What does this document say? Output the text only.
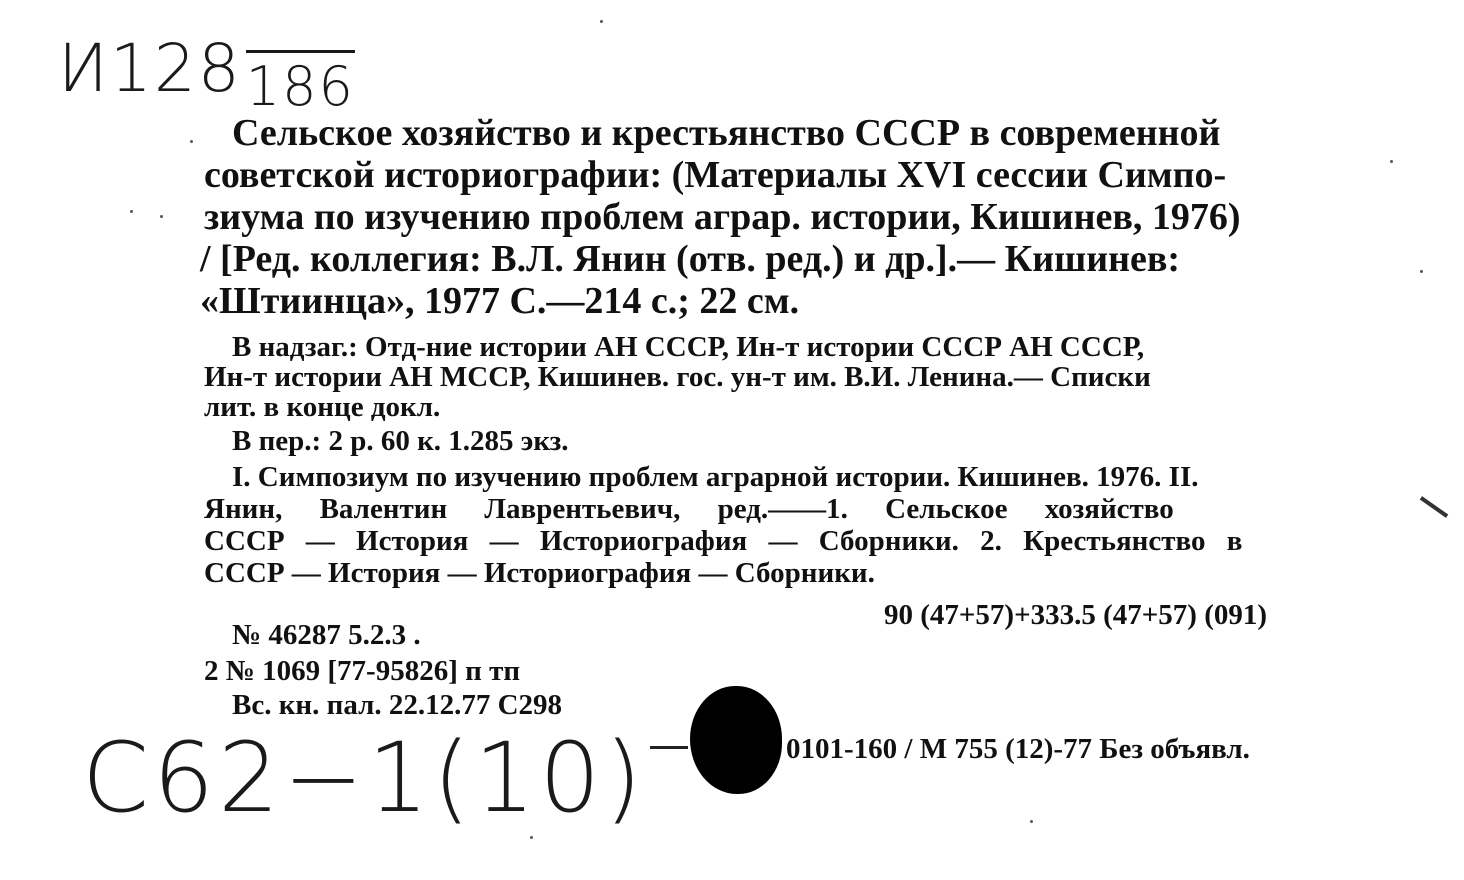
И128186
Сельское хозяйство и крестьянство СССР в современной
советской историографии: (Материалы XVI сессии Симпо-
зиума по изучению проблем аграр. истории, Кишинев, 1976)
/ [Ред. коллегия: В.Л. Янин (отв. ред.) и др.].— Кишинев:
«Штиинца», 1977 С.—214 с.; 22 см.
В надзаг.: Отд-ние истории АН СССР, Ин-т истории СССР АН СССР,
Ин-т истории АН МССР, Кишинев. гос. ун-т им. В.И. Ленина.— Списки
лит. в конце докл.
В пер.: 2 р. 60 к. 1.285 экз.
I. Симпозиум по изучению проблем аграрной истории. Кишинев. 1976. II.
Янин, Валентин Лаврентьевич, ред.——1. Сельское хозяйство
СССР — История — Историография — Сборники. 2. Крестьянство в
СССР — История — Историография — Сборники.
90 (47+57)+333.5 (47+57) (091)
№ 46287 5.2.3 .
2 № 1069 [77-95826] п тп
Вс. кн. пал. 22.12.77 С298
0101-160 / М 755 (12)-77 Без объявл.
С62−1(10)
